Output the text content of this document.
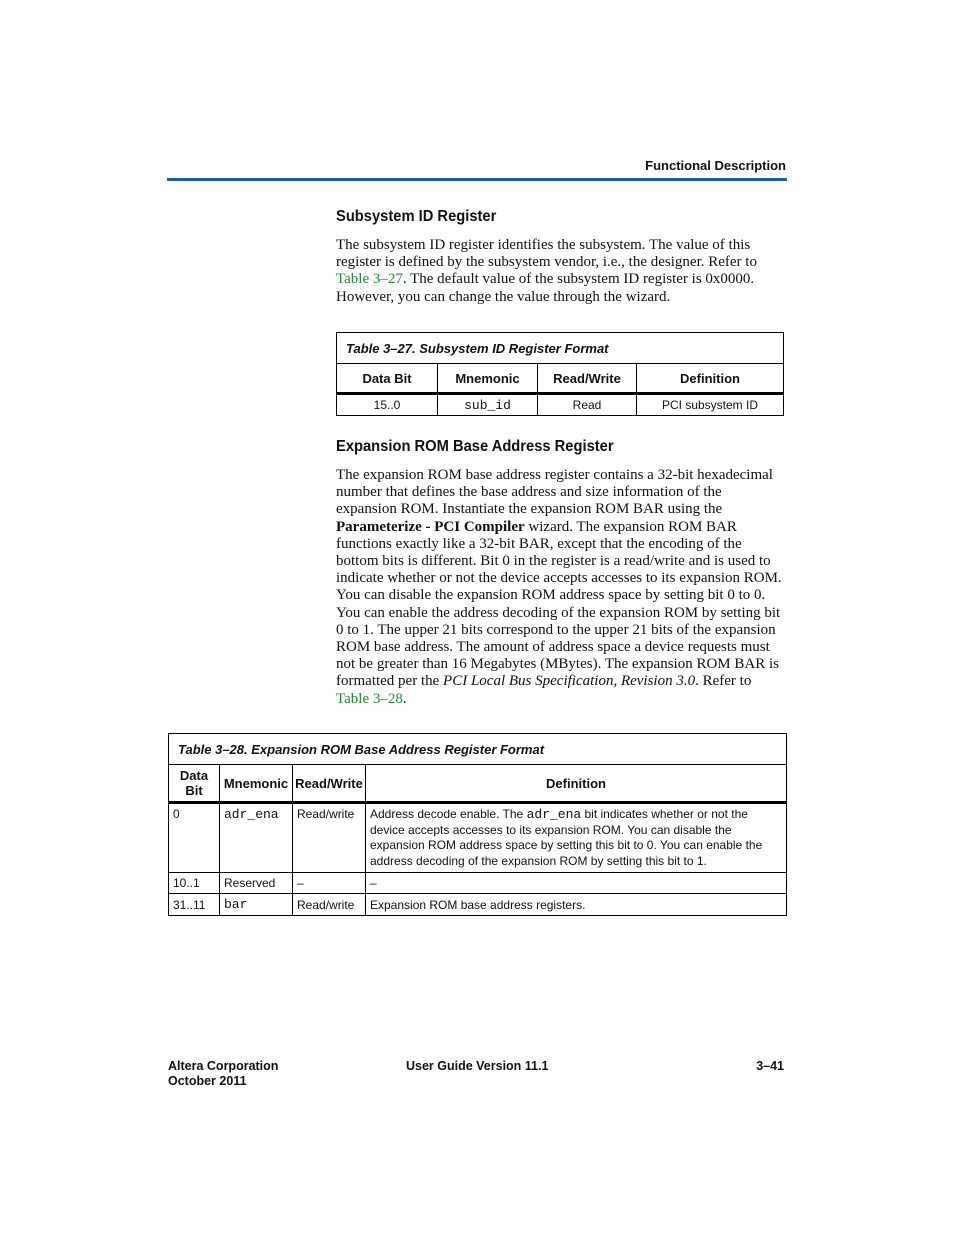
Functional Description
Subsystem ID Register

The subsystem ID register identifies the subsystem. The value of this register is defined by the subsystem vendor, i.e., the designer. Refer to Table 3–27. The default value of the subsystem ID register is 0x0000. However, you can change the value through the wizard.

Table 3–27. Subsystem ID Register Format			
Data Bit	Mnemonic	Read/Write	Definition
15..0	sub_id	Read	PCI subsystem ID
Expansion ROM Base Address Register

The expansion ROM base address register contains a 32-bit hexadecimal number that defines the base address and size information of the expansion ROM. Instantiate the expansion ROM BAR using the Parameterize - PCI Compiler wizard. The expansion ROM BAR functions exactly like a 32-bit BAR, except that the encoding of the bottom bits is different. Bit 0 in the register is a read/write and is used to indicate whether or not the device accepts accesses to its expansion ROM. You can disable the expansion ROM address space by setting bit 0 to 0. You can enable the address decoding of the expansion ROM by setting bit 0 to 1. The upper 21 bits correspond to the upper 21 bits of the expansion ROM base address. The amount of address space a device requests must not be greater than 16 Megabytes (MBytes). The expansion ROM BAR is formatted per the PCI Local Bus Specification, Revision 3.0. Refer to Table 3–28.

Table 3–28. Expansion ROM Base Address Register Format			
Data Bit	Mnemonic	Read/Write	Definition
0	adr_ena	Read/write	Address decode enable. The adr_ena bit indicates whether or not the device accepts accesses to its expansion ROM. You can disable the expansion ROM address space by setting this bit to 0. You can enable the address decoding of the expansion ROM by setting this bit to 1.
10..1	Reserved	–	–
31..11	bar	Read/write	Expansion ROM base address registers.
Altera Corporation
October 2011
User Guide Version 11.1	3–41
